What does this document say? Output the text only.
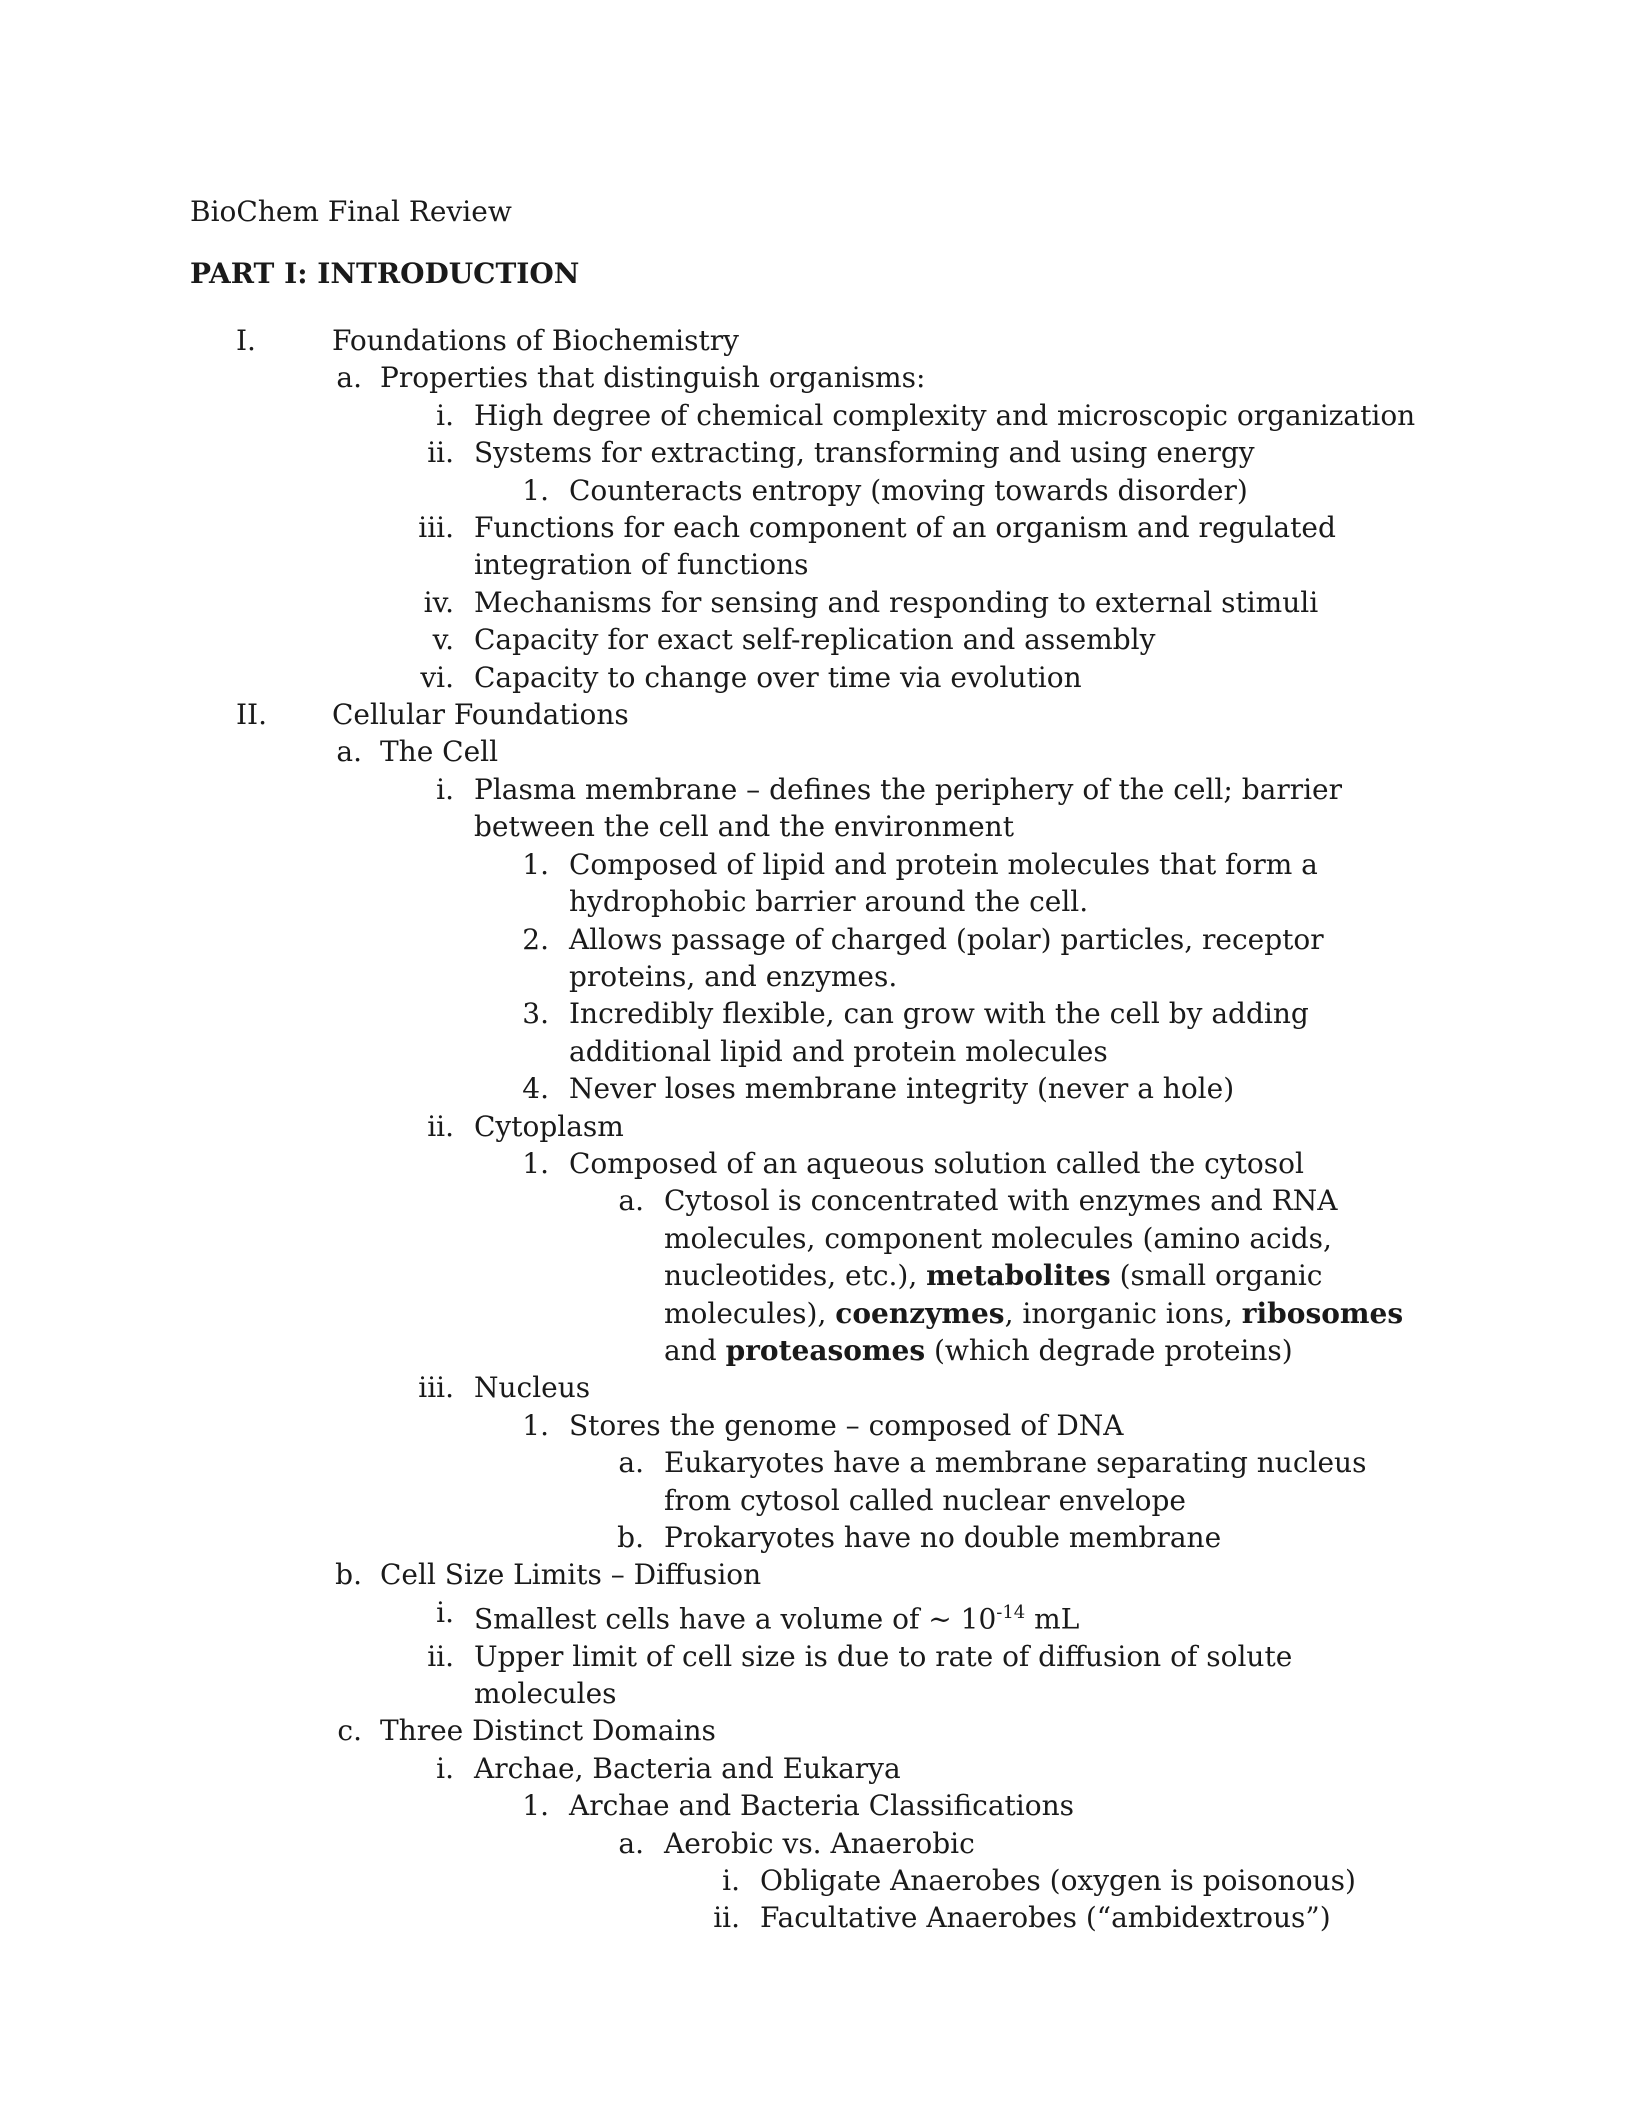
BioChem Final Review
PART I: INTRODUCTION
I.	Foundations of Biochemistry
a. Properties that distinguish organisms:
i. High degree of chemical complexity and microscopic organization
ii. Systems for extracting, transforming and using energy
1. Counteracts entropy (moving towards disorder)
iii. Functions for each component of an organism and regulated integration of functions
iv. Mechanisms for sensing and responding to external stimuli
v. Capacity for exact self-replication and assembly
vi. Capacity to change over time via evolution
II.	Cellular Foundations
a. The Cell
i. Plasma membrane – defines the periphery of the cell; barrier between the cell and the environment
1. Composed of lipid and protein molecules that form a hydrophobic barrier around the cell.
2. Allows passage of charged (polar) particles, receptor proteins, and enzymes.
3. Incredibly flexible, can grow with the cell by adding additional lipid and protein molecules
4. Never loses membrane integrity (never a hole)
ii. Cytoplasm
1. Composed of an aqueous solution called the cytosol
a. Cytosol is concentrated with enzymes and RNA molecules, component molecules (amino acids, nucleotides, etc.), metabolites (small organic molecules), coenzymes, inorganic ions, ribosomes and proteasomes (which degrade proteins)
iii. Nucleus
1. Stores the genome – composed of DNA
a. Eukaryotes have a membrane separating nucleus from cytosol called nuclear envelope
b. Prokaryotes have no double membrane
b. Cell Size Limits – Diffusion
i. Smallest cells have a volume of ~ $10^{-14}$ mL
ii. Upper limit of cell size is due to rate of diffusion of solute molecules
c. Three Distinct Domains
i. Archae, Bacteria and Eukarya
1. Archae and Bacteria Classifications
a. Aerobic vs. Anaerobic
i. Obligate Anaerobes (oxygen is poisonous)
ii. Facultative Anaerobes (“ambidextrous”)
